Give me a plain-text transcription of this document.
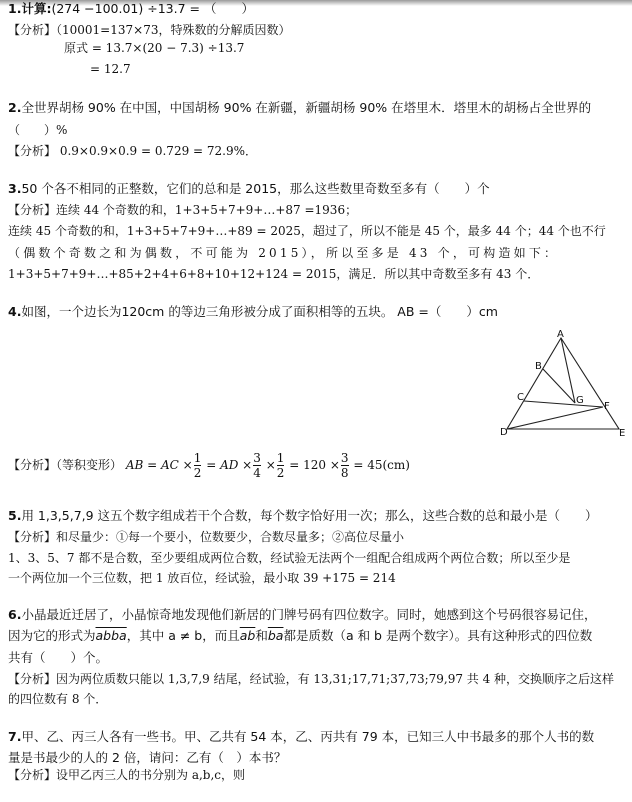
1.计算:(274 −100.01) ÷13.7 = （　　）
【分析】（10001=137×73，特殊数的分解质因数）
原式 = 13.7×(20 − 7.3) ÷13.7
= 12.7
2.全世界胡杨 90% 在中国，中国胡杨 90% 在新疆，新疆胡杨 90% 在塔里木．塔里木的胡杨占全世界的
（　　）%
【分析】 0.9×0.9×0.9 = 0.729 = 72.9%．
3.50 个各不相同的正整数，它们的总和是 2015，那么这些数里奇数至多有（　　）个
【分析】连续 44 个奇数的和，1+3+5+7+9+…+87 =1936；
连续 45 个奇数的和，1+3+5+7+9+…+89 = 2025，超过了，所以不能是 45 个，最多 44 个；44 个也不行
（偶数个奇数之和为偶数，不可能为 2015），所以至多是 43 个，可构造如下：
1+3+5+7+9+…+85+2+4+6+8+10+12+124 = 2015，满足．所以其中奇数至多有 43 个．
4.如图，一个边长为120cm 的等边三角形被分成了面积相等的五块。 AB =（　　）cm
A
B
C
D	E
F
G
【分析】（等积变形） AB = AC × $\frac{1}{2}$ = AD × $\frac{3}{4} \times \frac{1}{2} = 120 \times \frac{3}{8} = 45(cm)$
5.用 1,3,5,7,9 这五个数字组成若干个合数，每个数字恰好用一次；那么，这些合数的总和最小是（　　）
【分析】和尽量少：①每一个要小，位数要少，合数尽量多；②高位尽量小
1、3、5、7 都不是合数，至少要组成两位合数，经试验无法两个一组配合组成两个两位合数；所以至少是
一个两位加一个三位数，把 1 放百位，经试验，最小取 39 +175 = 214
6.小晶最近迁居了，小晶惊奇地发现他们新居的门牌号码有四位数字。同时，她感到这个号码很容易记住，
因为它的形式为abba，其中 a ≠ b，而且$\overline{ab}$和$\overline{ba}$都是质数（a 和 b 是两个数字）。具有这种形式的四位数
共有（　　）个。
【分析】因为两位质数只能以 1,3,7,9 结尾，经试验，有 13,31;17,71;37,73;79,97 共 4 种，交换顺序之后这样
的四位数有 8 个．
7.甲、乙、丙三人各有一些书。甲、乙共有 54 本，乙、丙共有 79 本，已知三人中书最多的那个人书的数
量是书最少的人的 2 倍，请问：乙有（　）本书？
【分析】设甲乙丙三人的书分别为 a,b,c，则
